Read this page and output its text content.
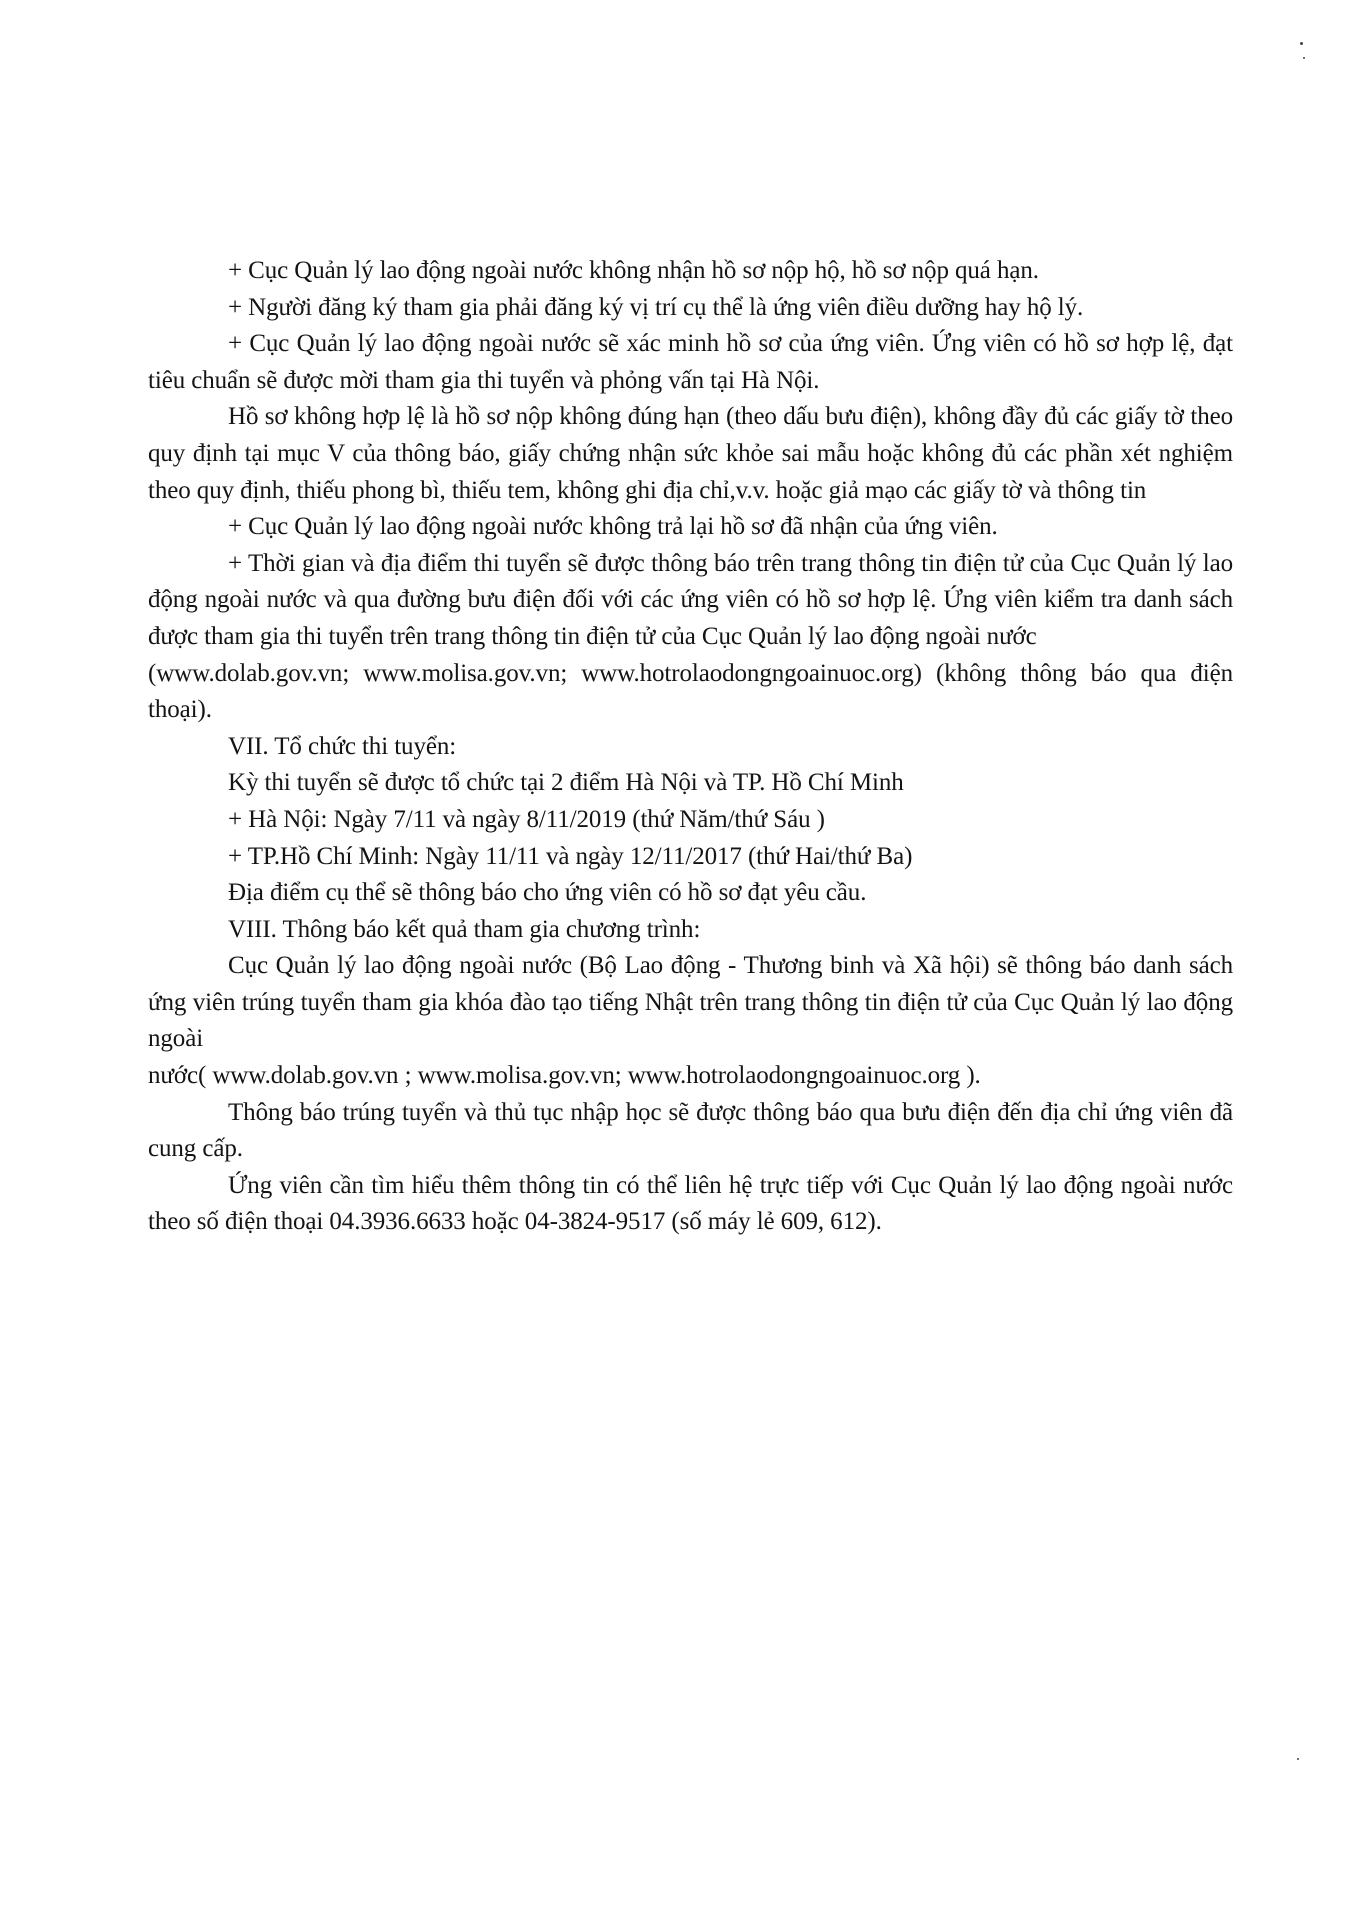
+ Cục Quản lý lao động ngoài nước không nhận hồ sơ nộp hộ, hồ sơ nộp quá hạn.

+ Người đăng ký tham gia phải đăng ký vị trí cụ thể là ứng viên điều dưỡng hay hộ lý.

+ Cục Quản lý lao động ngoài nước sẽ xác minh hồ sơ của ứng viên. Ứng viên có hồ sơ hợp lệ, đạt tiêu chuẩn sẽ được mời tham gia thi tuyển và phỏng vấn tại Hà Nội.

Hồ sơ không hợp lệ là hồ sơ nộp không đúng hạn (theo dấu bưu điện), không đầy đủ các giấy tờ theo quy định tại mục V của thông báo, giấy chứng nhận sức khỏe sai mẫu hoặc không đủ các phần xét nghiệm theo quy định, thiếu phong bì, thiếu tem, không ghi địa chỉ,v.v. hoặc giả mạo các giấy tờ và thông tin

+ Cục Quản lý lao động ngoài nước không trả lại hồ sơ đã nhận của ứng viên.

+ Thời gian và địa điểm thi tuyển sẽ được thông báo trên trang thông tin điện tử của Cục Quản lý lao động ngoài nước và qua đường bưu điện đối với các ứng viên có hồ sơ hợp lệ. Ứng viên kiểm tra danh sách được tham gia thi tuyển trên trang thông tin điện tử của Cục Quản lý lao động ngoài nước

(www.dolab.gov.vn; www.molisa.gov.vn; www.hotrolaodongngoainuoc.org) (không thông báo qua điện thoại).

VII. Tổ chức thi tuyển:

Kỳ thi tuyển sẽ được tổ chức tại 2 điểm Hà Nội và TP. Hồ Chí Minh

+ Hà Nội: Ngày 7/11 và ngày 8/11/2019 (thứ Năm/thứ Sáu )

+ TP.Hồ Chí Minh: Ngày 11/11 và ngày 12/11/2017 (thứ Hai/thứ Ba)

Địa điểm cụ thể sẽ thông báo cho ứng viên có hồ sơ đạt yêu cầu.

VIII. Thông báo kết quả tham gia chương trình:

Cục Quản lý lao động ngoài nước (Bộ Lao động - Thương binh và Xã hội) sẽ thông báo danh sách ứng viên trúng tuyển tham gia khóa đào tạo tiếng Nhật trên trang thông tin điện tử của Cục Quản lý lao động ngoài

nước( www.dolab.gov.vn ; www.molisa.gov.vn; www.hotrolaodongngoainuoc.org ).

Thông báo trúng tuyển và thủ tục nhập học sẽ được thông báo qua bưu điện đến địa chỉ ứng viên đã cung cấp.

Ứng viên cần tìm hiểu thêm thông tin có thể liên hệ trực tiếp với Cục Quản lý lao động ngoài nước theo số điện thoại 04.3936.6633 hoặc 04-3824-9517 (số máy lẻ 609, 612).
